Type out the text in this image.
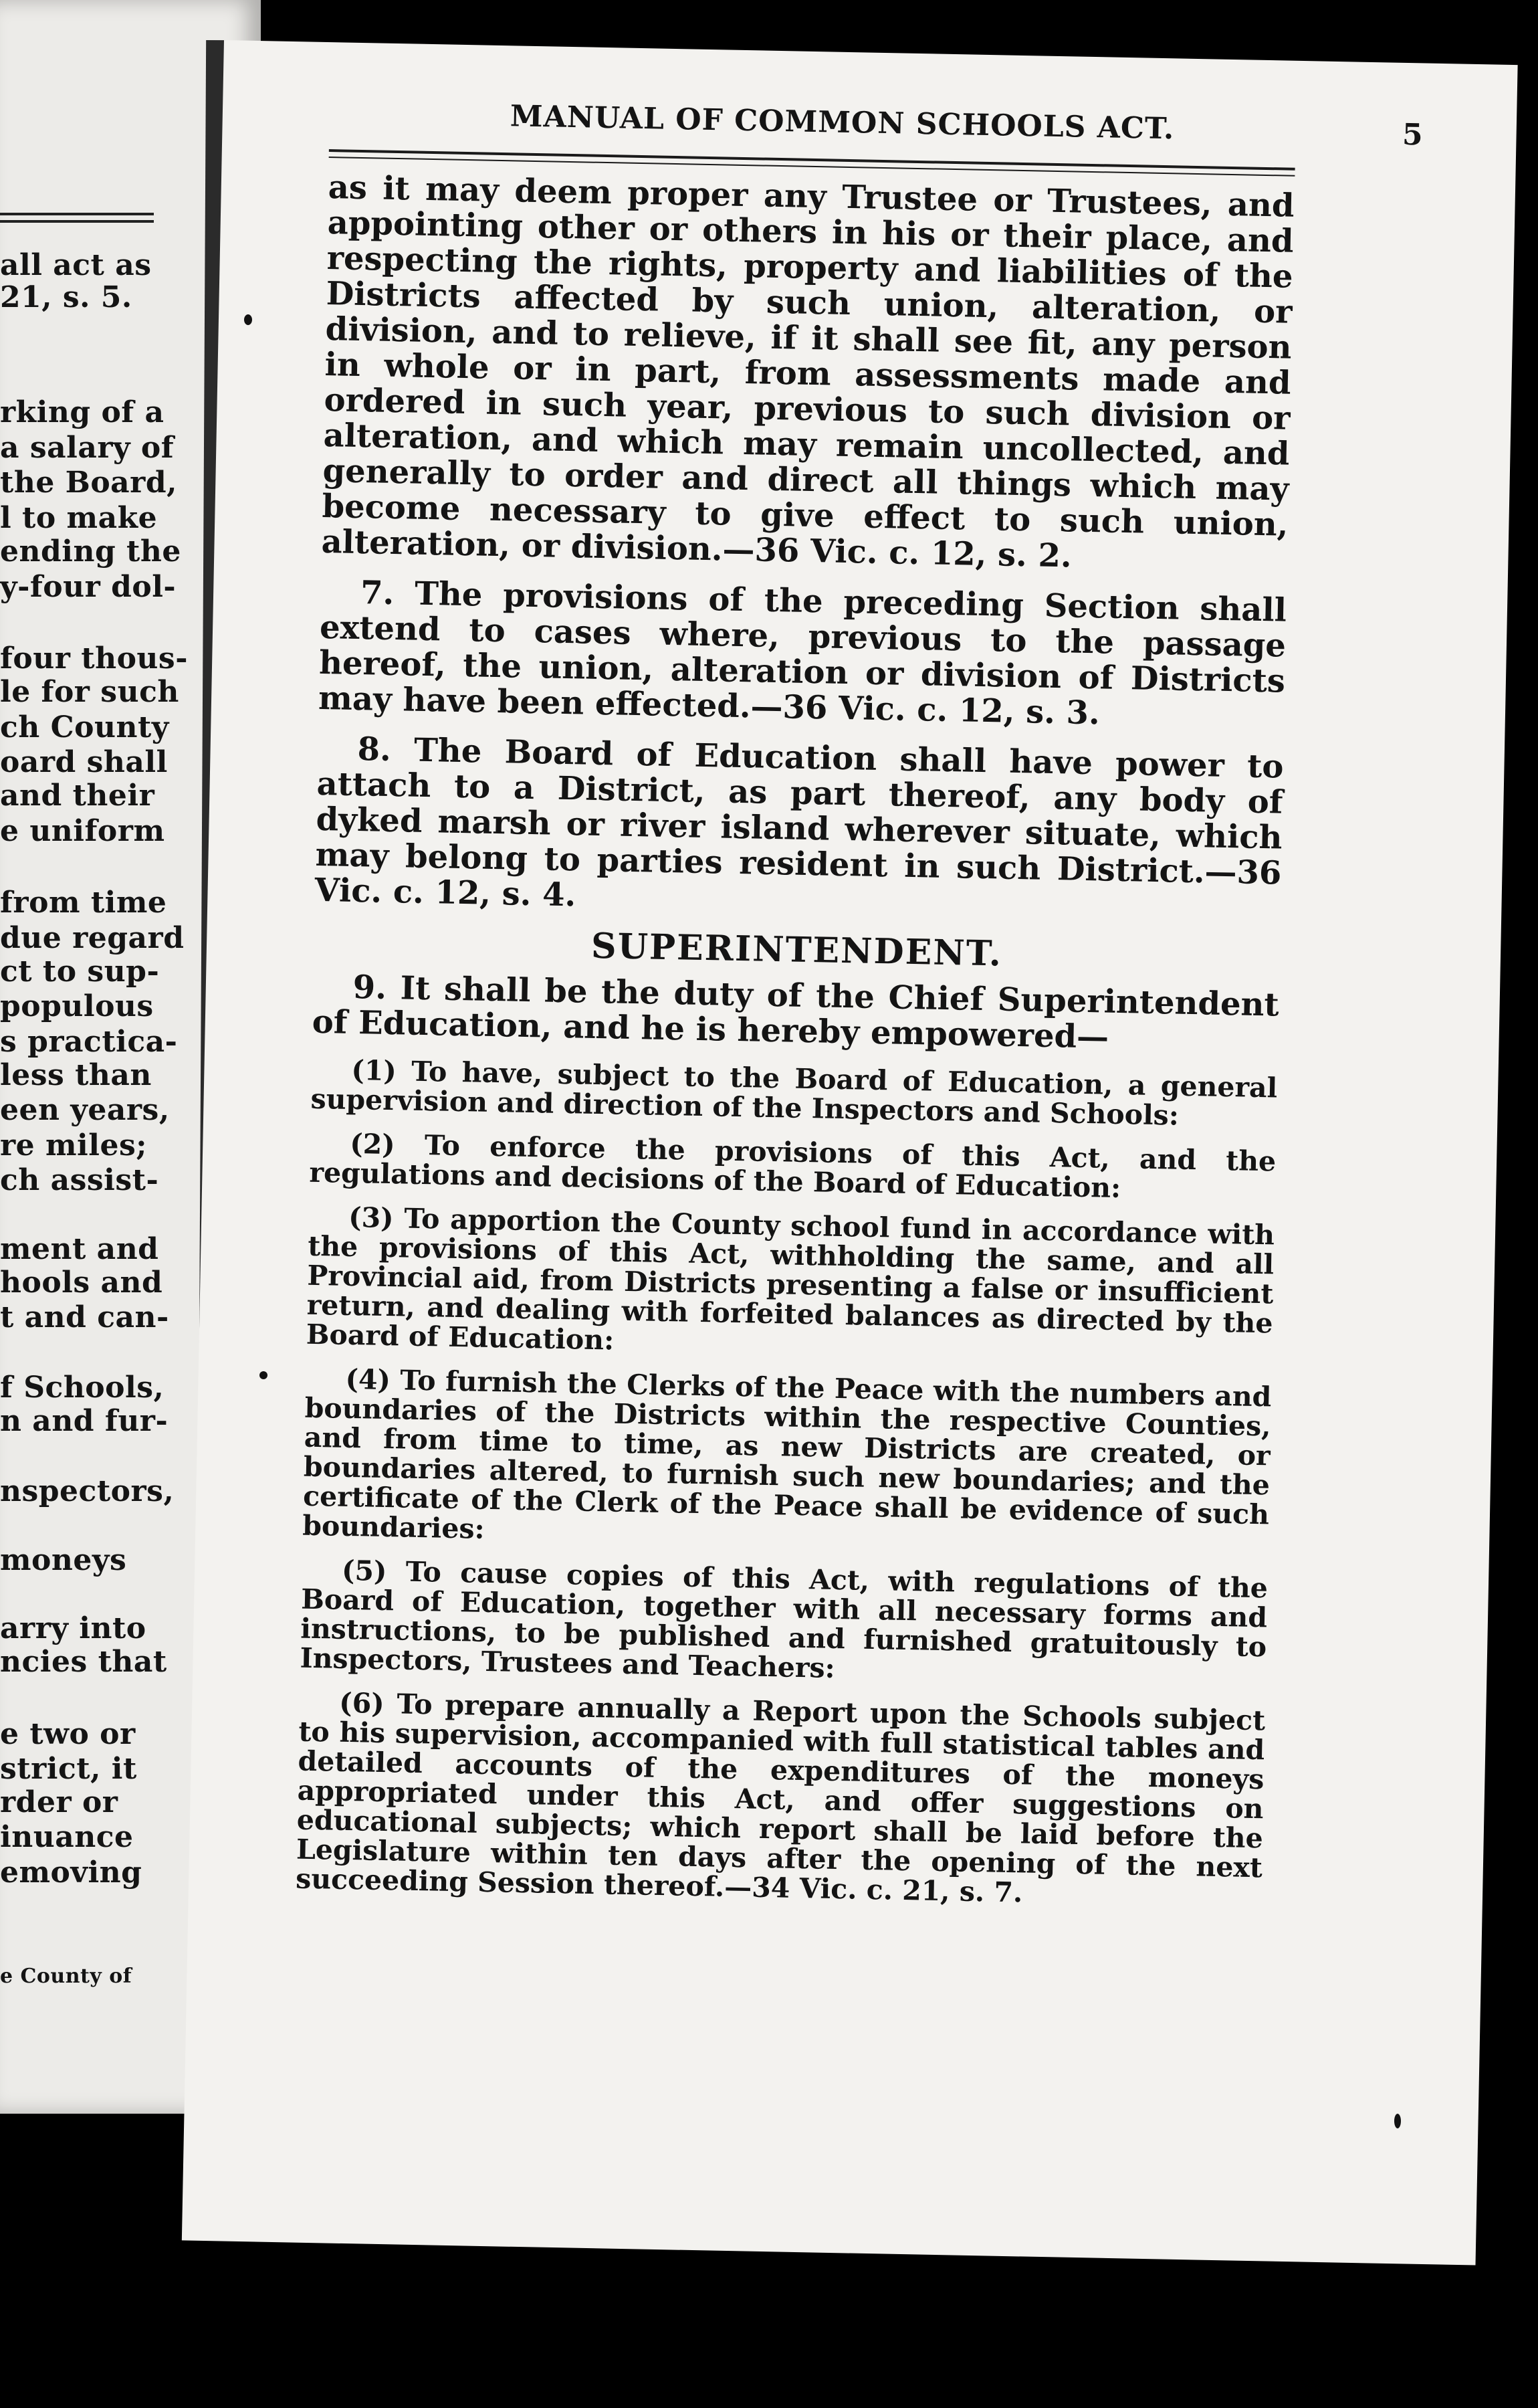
all act as
21, s. 5.
rking of a
a salary of
the Board,
l to make
ending the
y-four dol-
four thous-
le for such
ch County
oard shall
and their
e uniform
from time
due regard
ct to sup-
populous
s practica-
less than
een years,
re miles;
ch assist-
ment and
hools and
t and can-
f Schools,
n and fur-
nspectors,
moneys
arry into
ncies that
e two or
strict, it
rder or
inuance
emoving
e County of
MANUAL OF COMMON SCHOOLS ACT.	5

as it may deem proper any Trustee or Trustees, and appointing other or others in his or their place, and respecting the rights, property and liabilities of the Districts affected by such union, alteration, or division, and to relieve, if it shall see fit, any person in whole or in part, from assessments made and ordered in such year, previous to such division or alteration, and which may remain uncollected, and generally to order and direct all things which may become necessary to give effect to such union, alteration, or division.—36 Vic. c. 12, s. 2.

7. The provisions of the preceding Section shall extend to cases where, previous to the passage hereof, the union, alteration or division of Districts may have been effected.—36 Vic. c. 12, s. 3.

8. The Board of Education shall have power to attach to a District, as part thereof, any body of dyked marsh or river island wherever situate, which may belong to parties resident in such District.—36 Vic. c. 12, s. 4.

SUPERINTENDENT.

9. It shall be the duty of the Chief Superintendent of Education, and he is hereby empowered—

(1) To have, subject to the Board of Education, a general supervision and direction of the Inspectors and Schools:

(2) To enforce the provisions of this Act, and the regulations and decisions of the Board of Education:

(3) To apportion the County school fund in accordance with the provisions of this Act, withholding the same, and all Provincial aid, from Districts presenting a false or insufficient return, and dealing with forfeited balances as directed by the Board of Education:

(4) To furnish the Clerks of the Peace with the numbers and boundaries of the Districts within the respective Counties, and from time to time, as new Districts are created, or boundaries altered, to furnish such new boundaries; and the certificate of the Clerk of the Peace shall be evidence of such boundaries:

(5) To cause copies of this Act, with regulations of the Board of Education, together with all necessary forms and instructions, to be published and furnished gratuitously to Inspectors, Trustees and Teachers:

(6) To prepare annually a Report upon the Schools subject to his supervision, accompanied with full statistical tables and detailed accounts of the expenditures of the moneys appropriated under this Act, and offer suggestions on educational subjects; which report shall be laid before the Legislature within ten days after the opening of the next succeeding Session thereof.—34 Vic. c. 21, s. 7.
